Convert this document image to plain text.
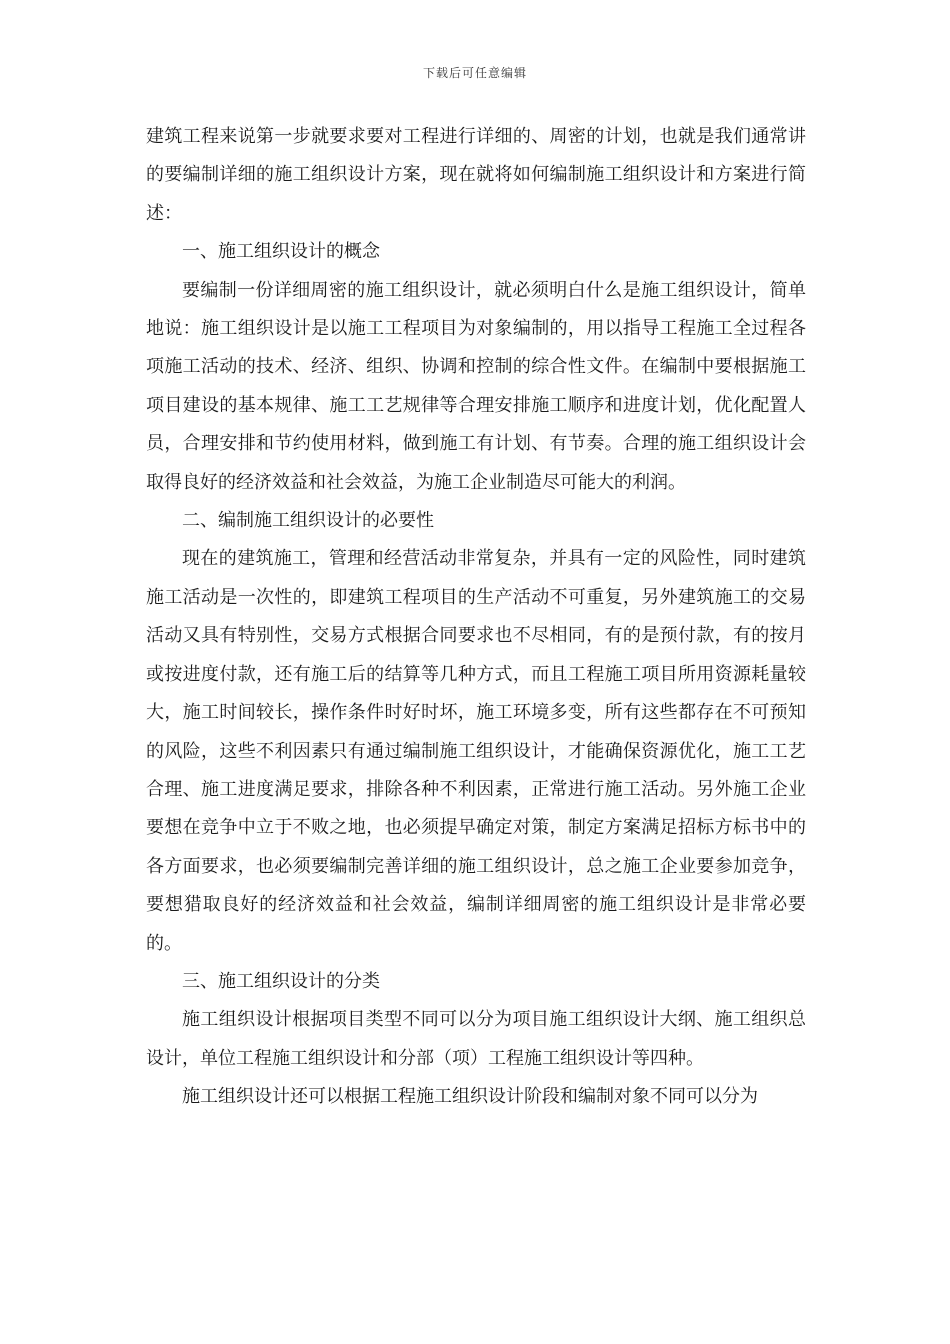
下载后可任意编辑

建筑工程来说第一步就要求要对工程进行详细的、周密的计划，也就是我们通常讲的要编制详细的施工组织设计方案，现在就将如何编制施工组织设计和方案进行简述：

一、施工组织设计的概念

要编制一份详细周密的施工组织设计，就必须明白什么是施工组织设计，简单地说：施工组织设计是以施工工程项目为对象编制的，用以指导工程施工全过程各项施工活动的技术、经济、组织、协调和控制的综合性文件。在编制中要根据施工项目建设的基本规律、施工工艺规律等合理安排施工顺序和进度计划，优化配置人员，合理安排和节约使用材料，做到施工有计划、有节奏。合理的施工组织设计会取得良好的经济效益和社会效益，为施工企业制造尽可能大的利润。

二、编制施工组织设计的必要性

现在的建筑施工，管理和经营活动非常复杂，并具有一定的风险性，同时建筑施工活动是一次性的，即建筑工程项目的生产活动不可重复，另外建筑施工的交易活动又具有特别性，交易方式根据合同要求也不尽相同，有的是预付款，有的按月或按进度付款，还有施工后的结算等几种方式，而且工程施工项目所用资源耗量较大，施工时间较长，操作条件时好时坏，施工环境多变，所有这些都存在不可预知的风险，这些不利因素只有通过编制施工组织设计，才能确保资源优化，施工工艺合理、施工进度满足要求，排除各种不利因素，正常进行施工活动。另外施工企业要想在竞争中立于不败之地，也必须提早确定对策，制定方案满足招标方标书中的各方面要求，也必须要编制完善详细的施工组织设计，总之施工企业要参加竞争，要想猎取良好的经济效益和社会效益，编制详细周密的施工组织设计是非常必要的。

三、施工组织设计的分类

施工组织设计根据项目类型不同可以分为项目施工组织设计大纲、施工组织总设计，单位工程施工组织设计和分部（项）工程施工组织设计等四种。

施工组织设计还可以根据工程施工组织设计阶段和编制对象不同可以分为
